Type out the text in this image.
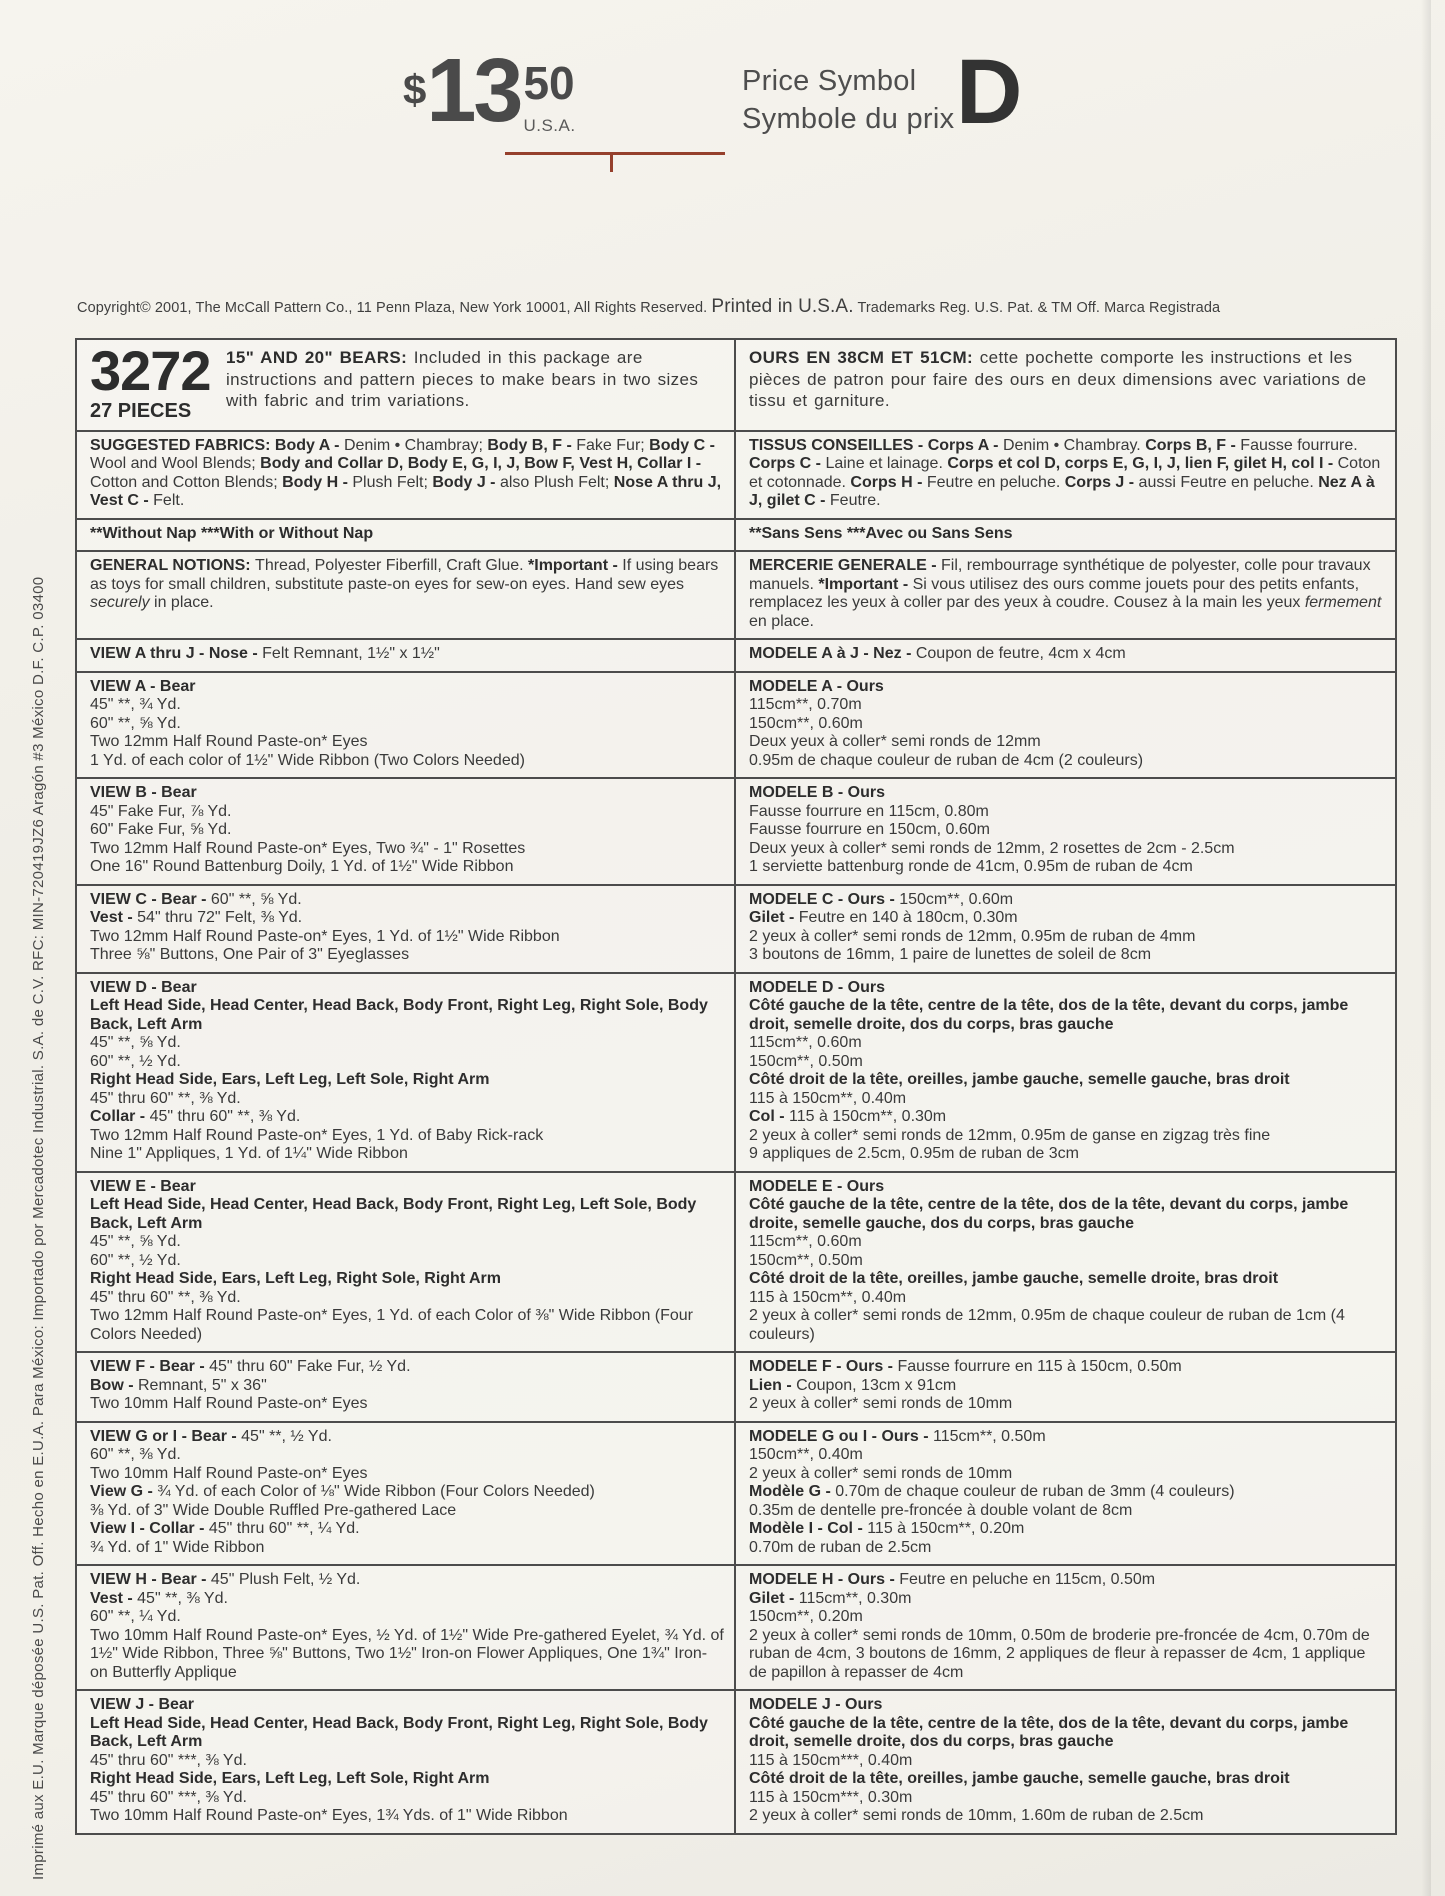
$ 13 50
U.S.A.
Price Symbol
Symbole du prix D
Copyright© 2001, The McCall Pattern Co., 11 Penn Plaza, New York 10001, All Rights Reserved. Printed in U.S.A. Trademarks Reg. U.S. Pat. & TM Off. Marca Registrada
Imprimé aux E.U. Marque déposée U.S. Pat. Off. Hecho en E.U.A. Para México: Importado por Mercadotec Industrial. S.A. de C.V. RFC: MIN-720419JZ6 Aragón #3 México D.F. C.P. 03400
3272
27 PIECES

15" AND 20" BEARS: Included in this package are instructions and pattern pieces to make bears in two sizes with fabric and trim variations.

OURS EN 38CM ET 51CM: cette pochette comporte les instructions et les pièces de patron pour faire des ours en deux dimensions avec variations de tissu et garniture.

SUGGESTED FABRICS: Body A - Denim • Chambray; Body B, F - Fake Fur; Body C - Wool and Wool Blends; Body and Collar D, Body E, G, I, J, Bow F, Vest H, Collar I - Cotton and Cotton Blends; Body H - Plush Felt; Body J - also Plush Felt; Nose A thru J, Vest C - Felt.

TISSUS CONSEILLES - Corps A - Denim • Chambray. Corps B, F - Fausse fourrure. Corps C - Laine et lainage. Corps et col D, corps E, G, I, J, lien F, gilet H, col I - Coton et cotonnade. Corps H - Feutre en peluche. Corps J - aussi Feutre en peluche. Nez A à J, gilet C - Feutre.

**Without Nap ***With or Without Nap	**Sans Sens ***Avec ou Sans Sens

GENERAL NOTIONS: Thread, Polyester Fiberfill, Craft Glue. *Important - If using bears as toys for small children, substitute paste-on eyes for sew-on eyes. Hand sew eyes securely in place.

MERCERIE GENERALE - Fil, rembourrage synthétique de polyester, colle pour travaux manuels. *Important - Si vous utilisez des ours comme jouets pour des petits enfants, remplacez les yeux à coller par des yeux à coudre. Cousez à la main les yeux fermement en place.

VIEW A thru J - Nose - Felt Remnant, 1½" x 1½"	MODELE A à J - Nez - Coupon de feutre, 4cm x 4cm

VIEW A - Bear

45" **, ¾ Yd.

60" **, ⅝ Yd.

Two 12mm Half Round Paste-on* Eyes

1 Yd. of each color of 1½" Wide Ribbon (Two Colors Needed)

MODELE A - Ours

115cm**, 0.70m

150cm**, 0.60m

Deux yeux à coller* semi ronds de 12mm

0.95m de chaque couleur de ruban de 4cm (2 couleurs)

VIEW B - Bear

45" Fake Fur, ⅞ Yd.

60" Fake Fur, ⅝ Yd.

Two 12mm Half Round Paste-on* Eyes, Two ¾" - 1" Rosettes

One 16" Round Battenburg Doily, 1 Yd. of 1½" Wide Ribbon

MODELE B - Ours

Fausse fourrure en 115cm, 0.80m

Fausse fourrure en 150cm, 0.60m

Deux yeux à coller* semi ronds de 12mm, 2 rosettes de 2cm - 2.5cm

1 serviette battenburg ronde de 41cm, 0.95m de ruban de 4cm

VIEW C - Bear - 60" **, ⅝ Yd.

Vest - 54" thru 72" Felt, ⅜ Yd.

Two 12mm Half Round Paste-on* Eyes, 1 Yd. of 1½" Wide Ribbon

Three ⅝" Buttons, One Pair of 3" Eyeglasses

MODELE C - Ours - 150cm**, 0.60m

Gilet - Feutre en 140 à 180cm, 0.30m

2 yeux à coller* semi ronds de 12mm, 0.95m de ruban de 4mm

3 boutons de 16mm, 1 paire de lunettes de soleil de 8cm

VIEW D - Bear

Left Head Side, Head Center, Head Back, Body Front, Right Leg, Right Sole, Body Back, Left Arm

45" **, ⅝ Yd.

60" **, ½ Yd.

Right Head Side, Ears, Left Leg, Left Sole, Right Arm

45" thru 60" **, ⅜ Yd.

Collar - 45" thru 60" **, ⅜ Yd.

Two 12mm Half Round Paste-on* Eyes, 1 Yd. of Baby Rick-rack

Nine 1" Appliques, 1 Yd. of 1¼" Wide Ribbon

MODELE D - Ours

Côté gauche de la tête, centre de la tête, dos de la tête, devant du corps, jambe droit, semelle droite, dos du corps, bras gauche

115cm**, 0.60m

150cm**, 0.50m

Côté droit de la tête, oreilles, jambe gauche, semelle gauche, bras droit

115 à 150cm**, 0.40m

Col - 115 à 150cm**, 0.30m

2 yeux à coller* semi ronds de 12mm, 0.95m de ganse en zigzag très fine

9 appliques de 2.5cm, 0.95m de ruban de 3cm

VIEW E - Bear

Left Head Side, Head Center, Head Back, Body Front, Right Leg, Left Sole, Body Back, Left Arm

45" **, ⅝ Yd.

60" **, ½ Yd.

Right Head Side, Ears, Left Leg, Right Sole, Right Arm

45" thru 60" **, ⅜ Yd.

Two 12mm Half Round Paste-on* Eyes, 1 Yd. of each Color of ⅜" Wide Ribbon (Four Colors Needed)

MODELE E - Ours

Côté gauche de la tête, centre de la tête, dos de la tête, devant du corps, jambe droite, semelle gauche, dos du corps, bras gauche

115cm**, 0.60m

150cm**, 0.50m

Côté droit de la tête, oreilles, jambe gauche, semelle droite, bras droit

115 à 150cm**, 0.40m

2 yeux à coller* semi ronds de 12mm, 0.95m de chaque couleur de ruban de 1cm (4 couleurs)

VIEW F - Bear - 45" thru 60" Fake Fur, ½ Yd.

Bow - Remnant, 5" x 36"

Two 10mm Half Round Paste-on* Eyes

MODELE F - Ours - Fausse fourrure en 115 à 150cm, 0.50m

Lien - Coupon, 13cm x 91cm

2 yeux à coller* semi ronds de 10mm

VIEW G or I - Bear - 45" **, ½ Yd.

60" **, ⅜ Yd.

Two 10mm Half Round Paste-on* Eyes

View G - ¾ Yd. of each Color of ⅛" Wide Ribbon (Four Colors Needed)

⅜ Yd. of 3" Wide Double Ruffled Pre-gathered Lace

View I - Collar - 45" thru 60" **, ¼ Yd.

¾ Yd. of 1" Wide Ribbon

MODELE G ou I - Ours - 115cm**, 0.50m

150cm**, 0.40m

2 yeux à coller* semi ronds de 10mm

Modèle G - 0.70m de chaque couleur de ruban de 3mm (4 couleurs)

0.35m de dentelle pre-froncée à double volant de 8cm

Modèle I - Col - 115 à 150cm**, 0.20m

0.70m de ruban de 2.5cm

VIEW H - Bear - 45" Plush Felt, ½ Yd.

Vest - 45" **, ⅜ Yd.

60" **, ¼ Yd.

Two 10mm Half Round Paste-on* Eyes, ½ Yd. of 1½" Wide Pre-gathered Eyelet, ¾ Yd. of 1½" Wide Ribbon, Three ⅝" Buttons, Two 1½" Iron-on Flower Appliques, One 1¾" Iron-on Butterfly Applique

MODELE H - Ours - Feutre en peluche en 115cm, 0.50m

Gilet - 115cm**, 0.30m

150cm**, 0.20m

2 yeux à coller* semi ronds de 10mm, 0.50m de broderie pre-froncée de 4cm, 0.70m de ruban de 4cm, 3 boutons de 16mm, 2 appliques de fleur à repasser de 4cm, 1 applique de papillon à repasser de 4cm

VIEW J - Bear

Left Head Side, Head Center, Head Back, Body Front, Right Leg, Right Sole, Body Back, Left Arm

45" thru 60" ***, ⅜ Yd.

Right Head Side, Ears, Left Leg, Left Sole, Right Arm

45" thru 60" ***, ⅜ Yd.

Two 10mm Half Round Paste-on* Eyes, 1¾ Yds. of 1" Wide Ribbon

MODELE J - Ours

Côté gauche de la tête, centre de la tête, dos de la tête, devant du corps, jambe droit, semelle droite, dos du corps, bras gauche

115 à 150cm***, 0.40m

Côté droit de la tête, oreilles, jambe gauche, semelle gauche, bras droit

115 à 150cm***, 0.30m

2 yeux à coller* semi ronds de 10mm, 1.60m de ruban de 2.5cm
